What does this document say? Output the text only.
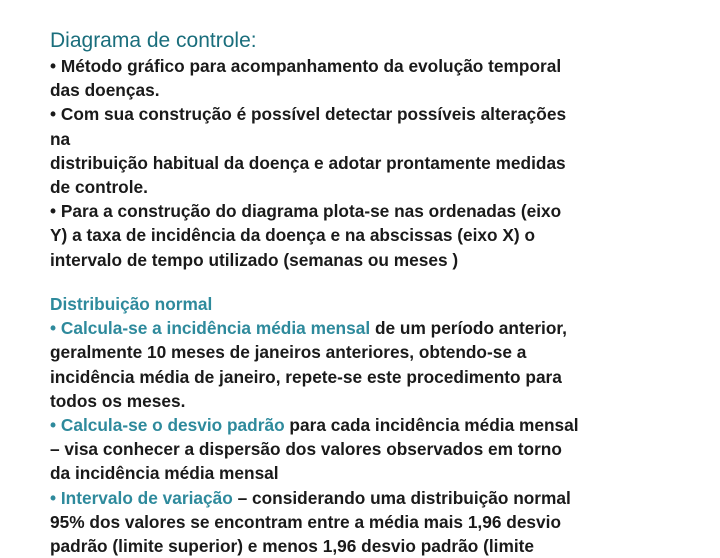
Diagrama de controle:
• Método gráfico para acompanhamento da evolução temporal
das doenças.
• Com sua construção é possível detectar possíveis alterações
na
distribuição habitual da doença e adotar prontamente medidas
de controle.
• Para a construção do diagrama plota-se nas ordenadas (eixo
Y) a taxa de incidência da doença e na abscissas (eixo X) o
intervalo de tempo utilizado (semanas ou meses )
Distribuição normal
• Calcula-se a incidência média mensal de um período anterior,
geralmente 10 meses de janeiros anteriores, obtendo-se a
incidência média de janeiro, repete-se este procedimento para
todos os meses.
• Calcula-se o desvio padrão para cada incidência média mensal
– visa conhecer a dispersão dos valores observados em torno
da incidência média mensal
• Intervalo de variação – considerando uma distribuição normal
95% dos valores se encontram entre a média mais 1,96 desvio
padrão (limite superior) e menos 1,96 desvio padrão (limite
